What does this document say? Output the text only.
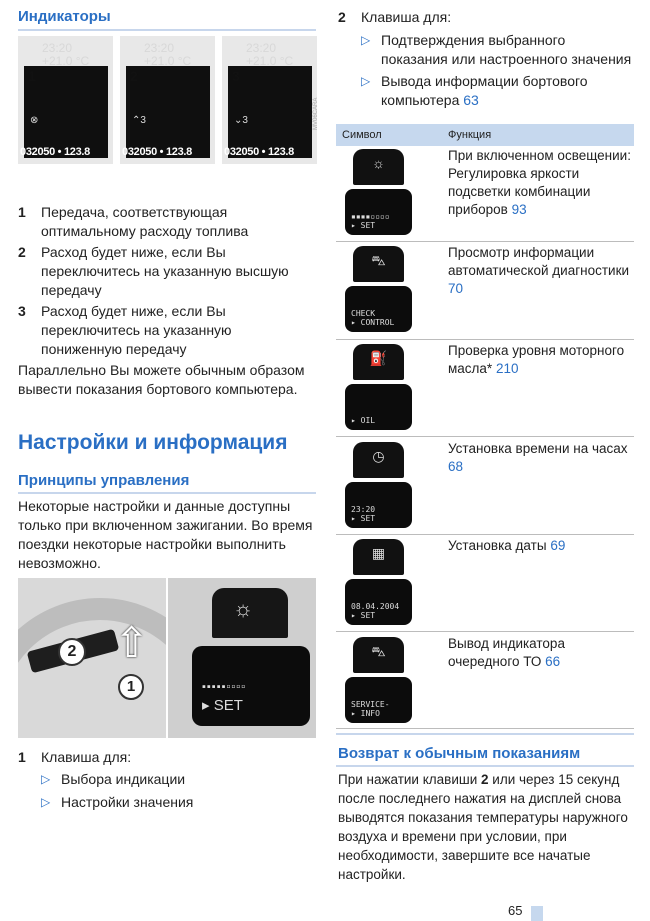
Индикаторы
23:20
+21.0 °C
1
⊗
032050 • 123.8
23:20
+21.0 °C
2
⌃3
032050 • 123.8
23:20
+21.0 °C
3
⌄3
032050 • 123.8
MV06CARA
1 Передача, соответствующая оптимальному расходу топлива
2 Расход будет ниже, если Вы переключитесь на указанную высшую передачу
3 Расход будет ниже, если Вы переключитесь на указанную пониженную передачу
Параллельно Вы можете обычным образом вывести показания бортового компьютера.
Настройки и информация
Принципы управления
Некоторые настройки и данные доступны только при включенном зажигании. Во время поездки некоторые настройки выполнить невозможно.
2 ⇧
1
☼
▪▪▪▪▪▫▫▫▫
▸ SET
1 Клавиша для:
▷ Выбора индикации
▷ Настройки значения
2 Клавиша для:
▷ Подтверждения выбранного показания или настроенного значения
▷ Вывода информации бортового компьютера 63
Символ	Функция
☼
▪▪▪▪▫▫▫▫
▸ SET
При включенном освещении: Регулировка яркости подсветки комбинации приборов 93
⛍
CHECK
▸ CONTROL
Просмотр информации автоматической диагностики 70
⛽
▸ OIL
Проверка уровня моторного масла* 210
◷
23:20
▸ SET
Установка времени на часах 68
▦
08.04.2004
▸ SET
Установка даты 69
⛍
SERVICE-
▸ INFO
Вывод индикатора очередного ТО 66
Возврат к обычным показаниям
При нажатии клавиши 2 или через 15 секунд после последнего нажатия на дисплей снова выводятся показания температуры наружного воздуха и времени при условии, при необходимости, завершите все начатые настройки.
65
